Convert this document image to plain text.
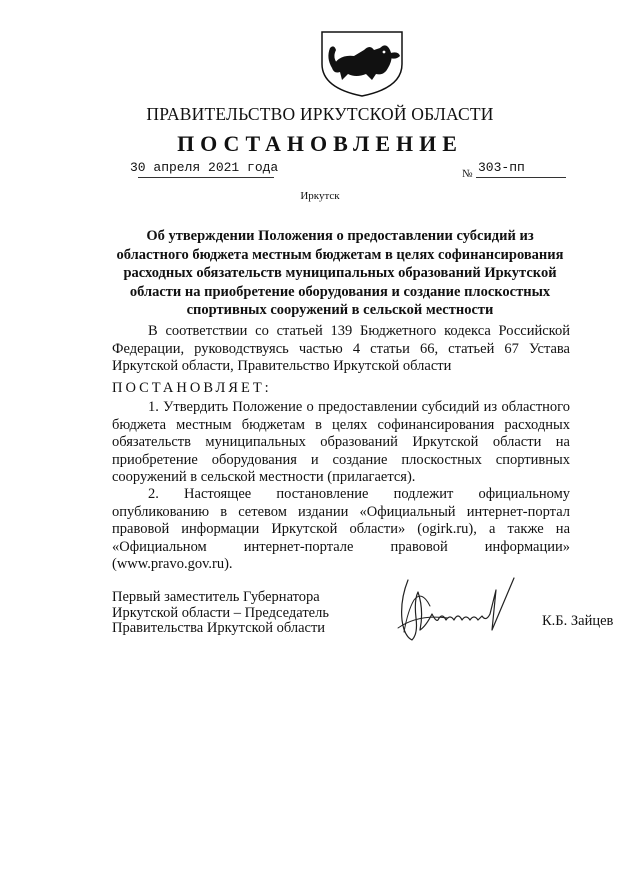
ПРАВИТЕЛЬСТВО ИРКУТСКОЙ ОБЛАСТИ
ПОСТАНОВЛЕНИЕ
30 апреля 2021 года	№ 303-пп
Иркутск
Об утверждении Положения о предоставлении субсидий из областного бюджета местным бюджетам в целях софинансирования расходных обязательств муниципальных образований Иркутской области на приобретение оборудования и создание плоскостных спортивных сооружений в сельской местности
В соответствии со статьей 139 Бюджетного кодекса Российской Федерации, руководствуясь частью 4 статьи 66, статьей 67 Устава Иркутской области, Правительство Иркутской области
ПОСТАНОВЛЯЕТ:
1. Утвердить Положение о предоставлении субсидий из областного бюджета местным бюджетам в целях софинансирования расходных обязательств муниципальных образований Иркутской области на приобретение оборудования и создание плоскостных спортивных сооружений в сельской местности (прилагается).
2. Настоящее постановление подлежит официальному опубликованию в сетевом издании «Официальный интернет-портал правовой информации Иркутской области» (ogirk.ru), а также на «Официальном интернет-портале правовой информации» (www.pravo.gov.ru).
Первый заместитель Губернатора
Иркутской области – Председатель
Правительства Иркутской области	К.Б. Зайцев
